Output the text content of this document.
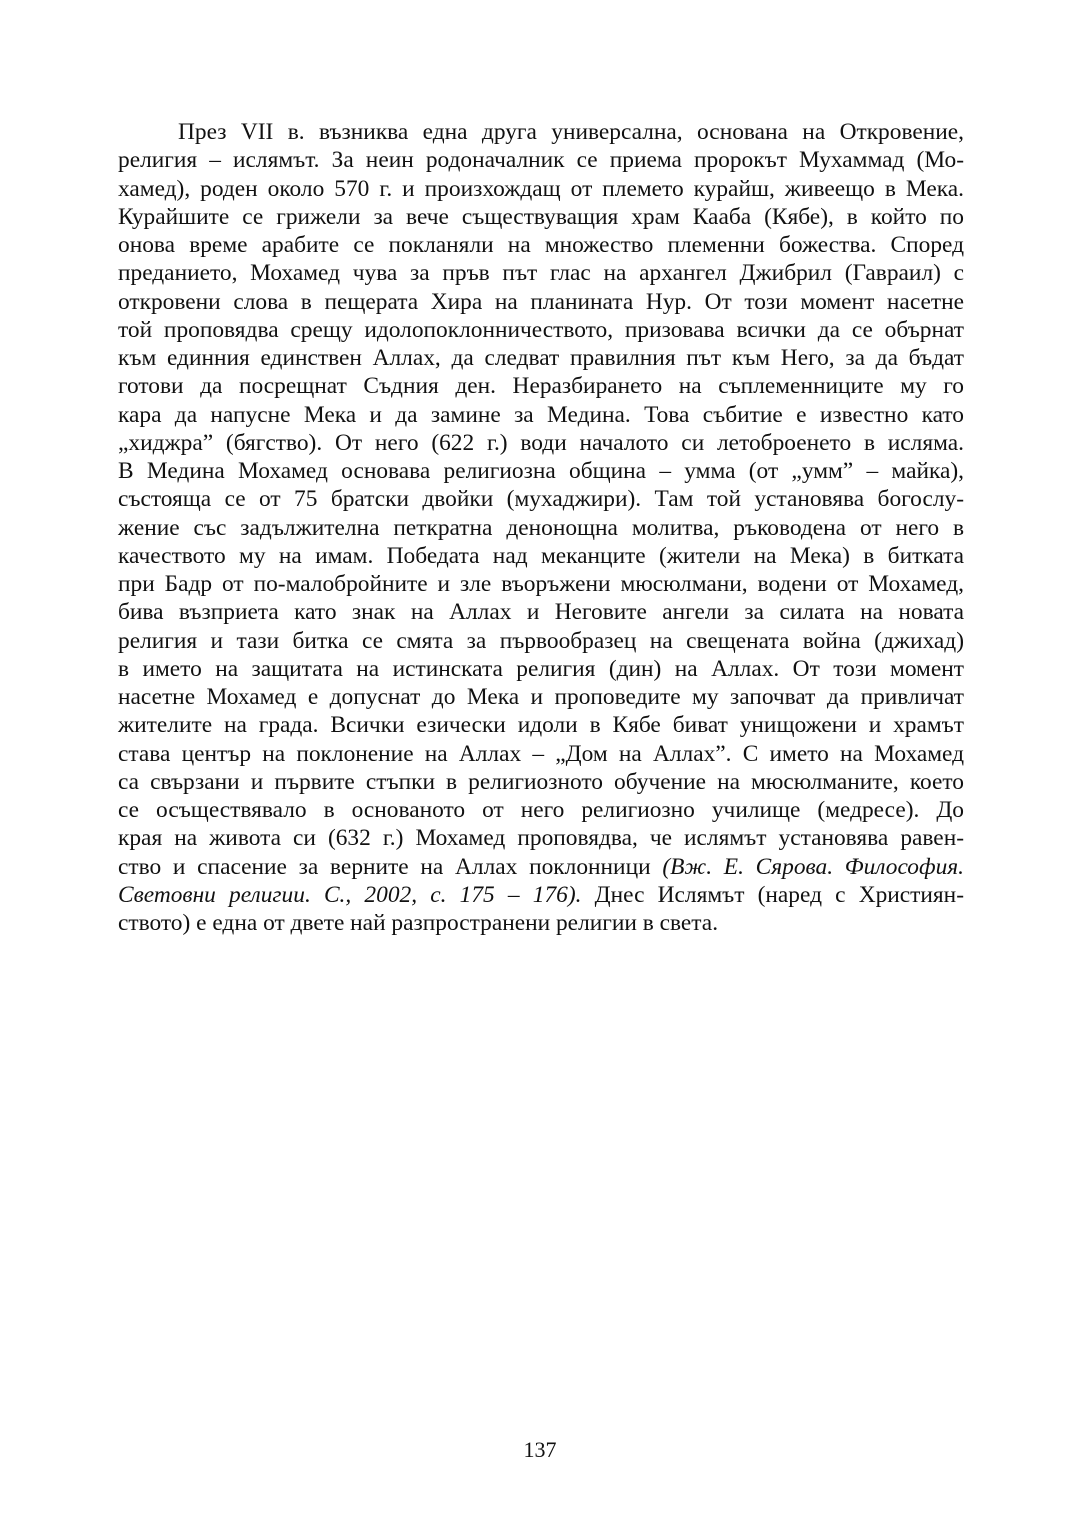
През VII в. възниква една друга универсална, основана на Откровение,
религия – ислямът. За неин родоначалник се приема пророкът Мухаммад (Мо-
хамед), роден около 570 г. и произхождащ от племето курайш, живеещо в Мека.
Курайшите се грижели за вече съществуващия храм Кааба (Кябе), в който по
онова време арабите се покланяли на множество племенни божества. Според
преданието, Мохамед чува за пръв път глас на архангел Джибрил (Гавраил) с
откровени слова в пещерата Хира на планината Нур. От този момент насетне
той проповядва срещу идолопоклонничеството, призовава всички да се обърнат
към единния единствен Аллах, да следват правилния път към Него, за да бъдат
готови да посрещнат Съдния ден. Неразбирането на съплеменниците му го
кара да напусне Мека и да замине за Медина. Това събитие е известно като
„хиджра” (бягство). От него (622 г.) води началото си летоброенето в исляма.
В Медина Мохамед основава религиозна община – умма (от „умм” – майка),
състояща се от 75 братски двойки (мухаджири). Там той установява богослу-
жение със задължителна петкратна денонощна молитва, ръководена от него в
качеството му на имам. Победата над меканците (жители на Мека) в битката
при Бадр от по-малобройните и зле въоръжени мюсюлмани, водени от Мохамед,
бива възприета като знак на Аллах и Неговите ангели за силата на новата
религия и тази битка се смята за първообразец на свещената война (джихад)
в името на защитата на истинската религия (дин) на Аллах. От този момент
насетне Мохамед е допуснат до Мека и проповедите му започват да привличат
жителите на града. Всички езически идоли в Кябе биват унищожени и храмът
става център на поклонение на Аллах – „Дом на Аллах”. С името на Мохамед
са свързани и първите стъпки в религиозното обучение на мюсюлманите, което
се осъществявало в основаното от него религиозно училище (медресе). До
края на живота си (632 г.) Мохамед проповядва, че ислямът установява равен-
ство и спасение за верните на Аллах поклонници (Вж. Е. Сярова. Философия.
Световни религии. С., 2002, с. 175 – 176). Днес Ислямът (наред с Християн-
ството) е една от двете най разпространени религии в света.

137
